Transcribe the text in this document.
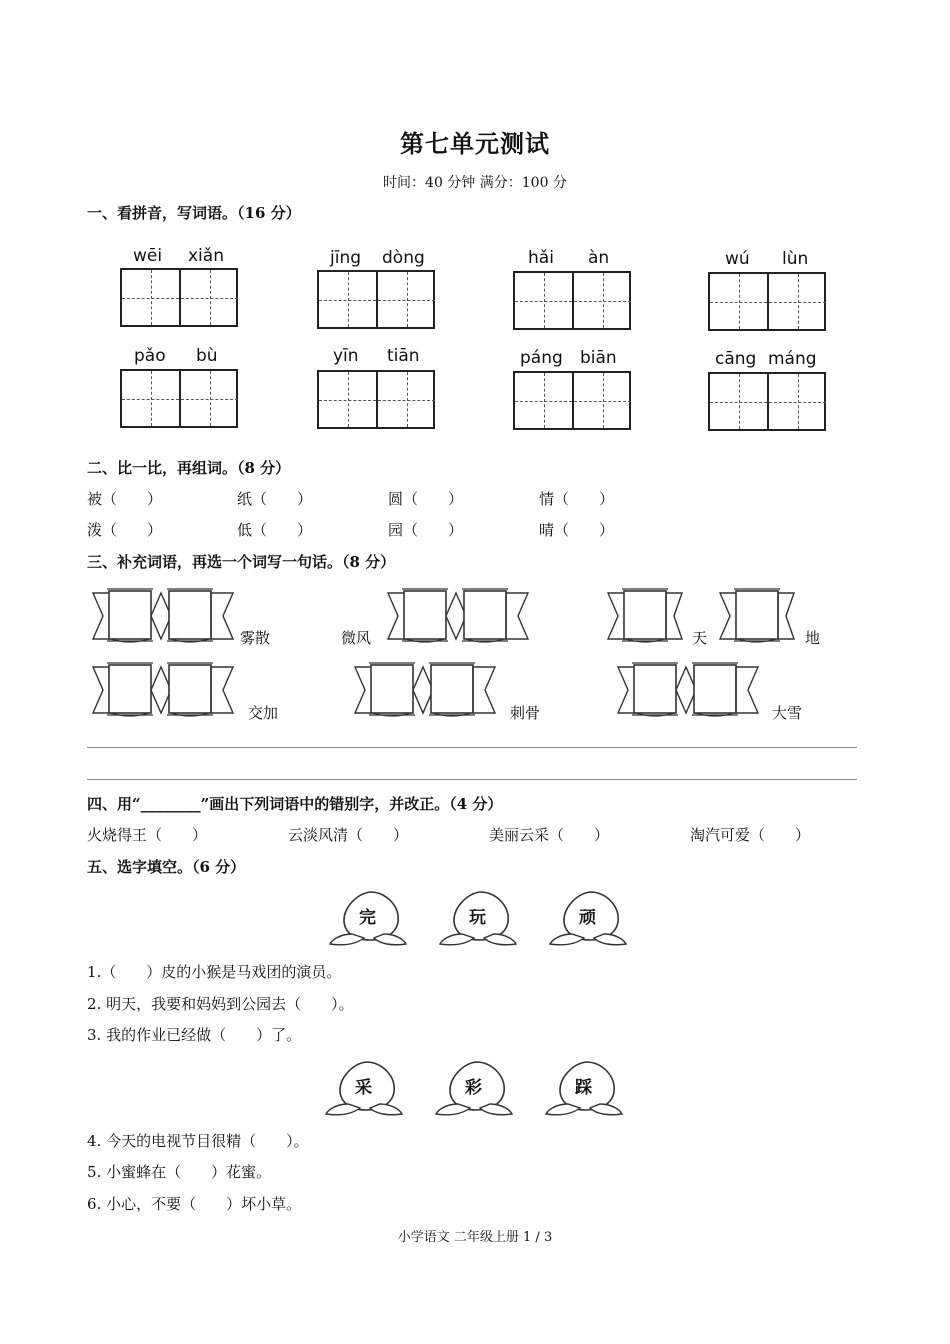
第七单元测试
时间：40 分钟 满分：100 分
一、看拼音，写词语。（16 分）
wēi xiǎn	jīng dòng	hǎi àn	wú lùn
pǎo bù	yīn tiān	páng biān	cāng máng
二、比一比，再组词。（8 分）
被（　　）	纸（　　）	圆（　　）	情（　　）
泼（　　）	低（　　）	园（　　）	晴（　　）
三、补充词语，再选一个词写一句话。（8 分）
雾散	微风	天	地
交加	刺骨	大雪
四、用“________”画出下列词语中的错别字，并改正。（4 分）
火烧得王（　　）	云淡风清（　　）	美丽云采（　　）	淘汽可爱（　　）
五、选字填空。（6 分）
完	玩	顽
1.（　　）皮的小猴是马戏团的演员。
2. 明天，我要和妈妈到公园去（　　）。
3. 我的作业已经做（　　）了。
采	彩	踩
4. 今天的电视节目很精（　　）。
5. 小蜜蜂在（　　）花蜜。
6. 小心，不要（　　）坏小草。
小学语文 二年级上册 1 / 3
